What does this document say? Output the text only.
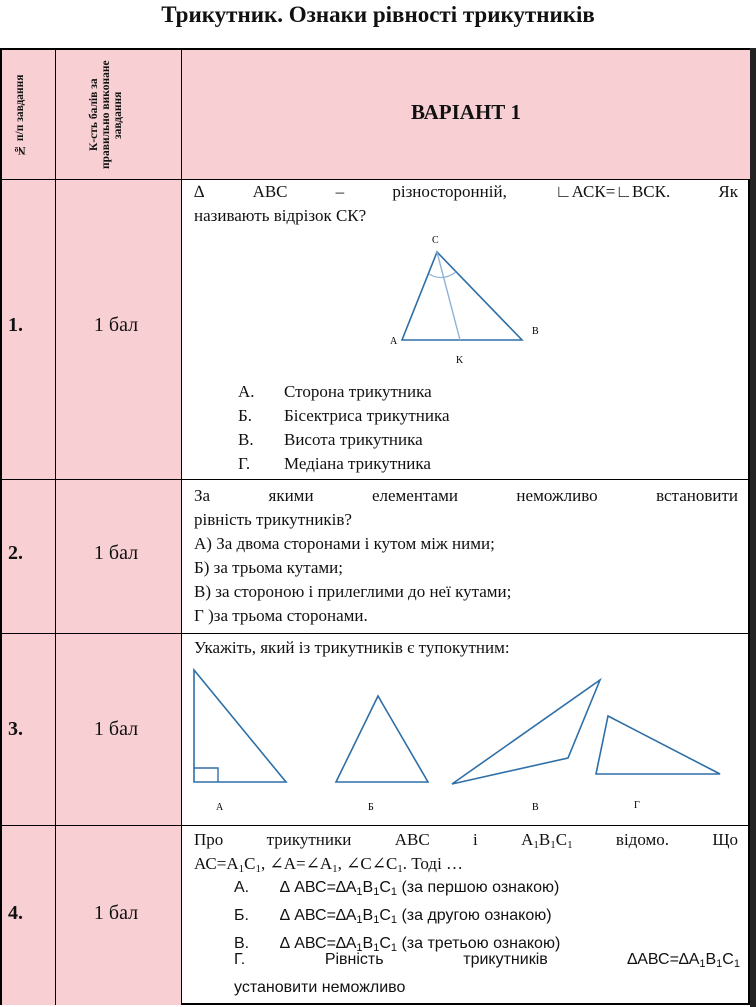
Трикутник. Ознаки рівності трикутників
№ п/п завдання	К-сть балів за правильно виконане завдання	ВАРІАНТ 1
1.	1 бал
∆ АВС – різносторонній, ∟АСК=∟ВСК. Як
називають відрізок СК?
C
A
B
K
А.	Сторона трикутника
Б.	Бісектриса трикутника
В.	Висота трикутника
Г.	Медіана трикутника
2.	1 бал
За якими елементами неможливо встановити
рівність трикутників?
А) За двома сторонами і кутом між ними;
Б) за трьома кутами;
В) за стороною і прилеглими до неї кутами;
Г )за трьома сторонами.
3.	1 бал
Укажіть, який із трикутників є тупокутним:
А	Б	В	Г
4.	1 бал
Про трикутники АВС і $А_1В_1С_1$ відомо. Що
$АС=А_1С_1$, $\angle А=\angle А_1$, $\angle С\angle С_1$. Тоді …
А.	∆ $АВС=\Delta А_1В_1С_1$ (за першою ознакою)
Б.	∆ $АВС=\Delta А_1В_1С_1$ (за другою ознакою)
В.	∆ $АВС=\Delta А_1В_1С_1$ (за третьою ознакою)
Г.	Рівність	трикутників	$\Delta АВС=\Delta А_1В_1С_1$
установити неможливо
